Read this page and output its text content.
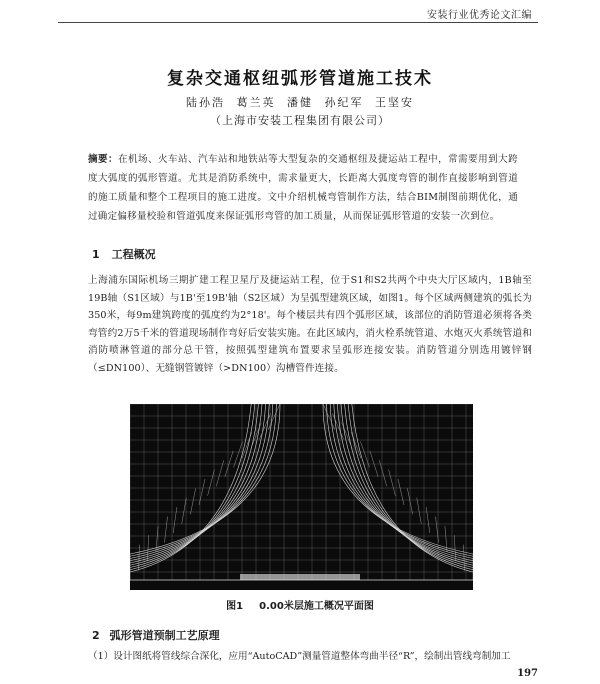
安装行业优秀论文汇编
复杂交通枢纽弧形管道施工技术
陆孙浩 葛兰英 潘健 孙纪军 王坚安
（上海市安装工程集团有限公司）
摘要：在机场、火车站、汽车站和地铁站等大型复杂的交通枢纽及捷运站工程中，常需要用到大跨度大弧度的弧形管道。尤其是消防系统中，需求量更大，长距离大弧度弯管的制作直接影响到管道的施工质量和整个工程项目的施工进度。文中介绍机械弯管制作方法，结合BIM制图前期优化，通过确定偏移量校验和管道弧度来保证弧形弯管的加工质量，从而保证弧形管道的安装一次到位。
1 工程概况
上海浦东国际机场三期扩建工程卫星厅及捷运站工程，位于S1和S2共两个中央大厅区域内，1B轴至19B轴（S1区域）与1B'至19B'轴（S2区域）为呈弧型建筑区域，如图1。每个区域两侧建筑的弧长为350米，每9m建筑跨度的弧度约为2°18'。每个楼层共有四个弧形区域，该部位的消防管道必须将各类弯管约2万5千米的管道现场制作弯好后安装实施。在此区域内，消火栓系统管道、水炮灭火系统管道和消防喷淋管道的部分总干管，按照弧型建筑布置要求呈弧形连接安装。消防管道分别选用镀锌钢（≤DN100）、无缝钢管镀锌（>DN100）沟槽管件连接。
图1 0.00米层施工概况平面图
2 弧形管道预制工艺原理
（1）设计图纸将管线综合深化，应用“AutoCAD”测量管道整体弯曲半径“R”，绘制出管线弯制加工
197
